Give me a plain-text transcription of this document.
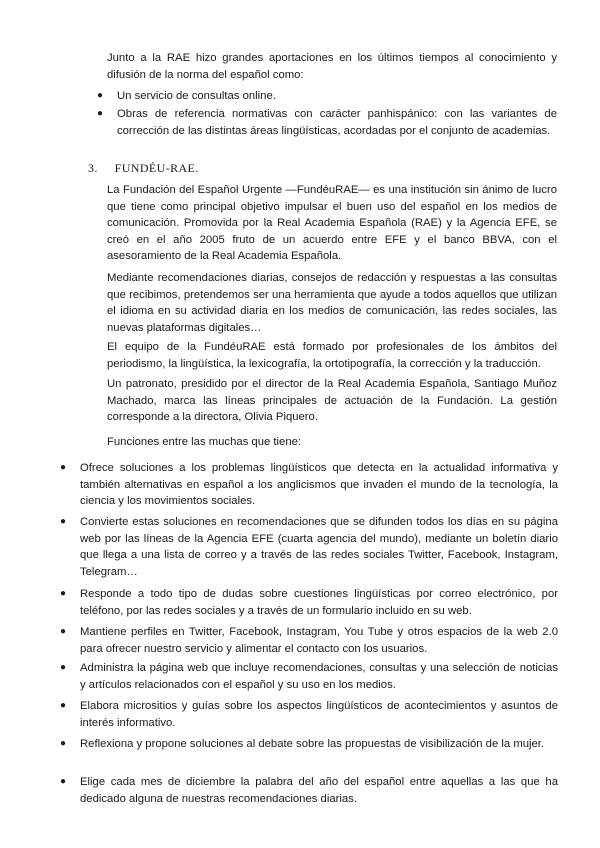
Junto a la RAE hizo grandes aportaciones en los últimos tiempos al conocimiento y difusión de la norma del español como:
● Un servicio de consultas online.
● Obras de referencia normativas con carácter panhispánico: con las variantes de corrección de las distintas áreas lingüísticas, acordadas por el conjunto de academias.
3. FUNDÉU-RAE.
La Fundación del Español Urgente —FundéuRAE— es una institución sin ánimo de lucro que tiene como principal objetivo impulsar el buen uso del español en los medios de comunicación. Promovida por la Real Academia Española (RAE) y la Agencia EFE, se creó en el año 2005 fruto de un acuerdo entre EFE y el banco BBVA, con el asesoramiento de la Real Academia Española.
Mediante recomendaciones diarias, consejos de redacción y respuestas a las consultas que recibimos, pretendemos ser una herramienta que ayude a todos aquellos que utilizan el idioma en su actividad diaria en los medios de comunicación, las redes sociales, las nuevas plataformas digitales…
El equipo de la FundéuRAE está formado por profesionales de los ámbitos del periodismo, la lingüística, la lexicografía, la ortotipografía, la corrección y la traducción.
Un patronato, presidido por el director de la Real Academia Española, Santiago Muñoz Machado, marca las líneas principales de actuación de la Fundación. La gestión corresponde a la directora, Olivia Piquero.
Funciones entre las muchas que tiene:
● Ofrece soluciones a los problemas lingüísticos que detecta en la actualidad informativa y también alternativas en español a los anglicismos que invaden el mundo de la tecnología, la ciencia y los movimientos sociales.
● Convierte estas soluciones en recomendaciones que se difunden todos los días en su página web por las líneas de la Agencia EFE (cuarta agencia del mundo), mediante un boletín diario que llega a una lista de correo y a través de las redes sociales Twitter, Facebook, Instagram, Telegram…
● Responde a todo tipo de dudas sobre cuestiones lingüísticas por correo electrónico, por teléfono, por las redes sociales y a través de un formulario incluido en su web.
● Mantiene perfiles en Twitter, Facebook, Instagram, You Tube y otros espacios de la web 2.0 para ofrecer nuestro servicio y alimentar el contacto con los usuarios.
● Administra la página web que incluye recomendaciones, consultas y una selección de noticias y artículos relacionados con el español y su uso en los medios.
● Elabora micrositios y guías sobre los aspectos lingüísticos de acontecimientos y asuntos de interés informativo.
● Reflexiona y propone soluciones al debate sobre las propuestas de visibilización de la mujer.
● Elige cada mes de diciembre la palabra del año del español entre aquellas a las que ha dedicado alguna de nuestras recomendaciones diarias.
